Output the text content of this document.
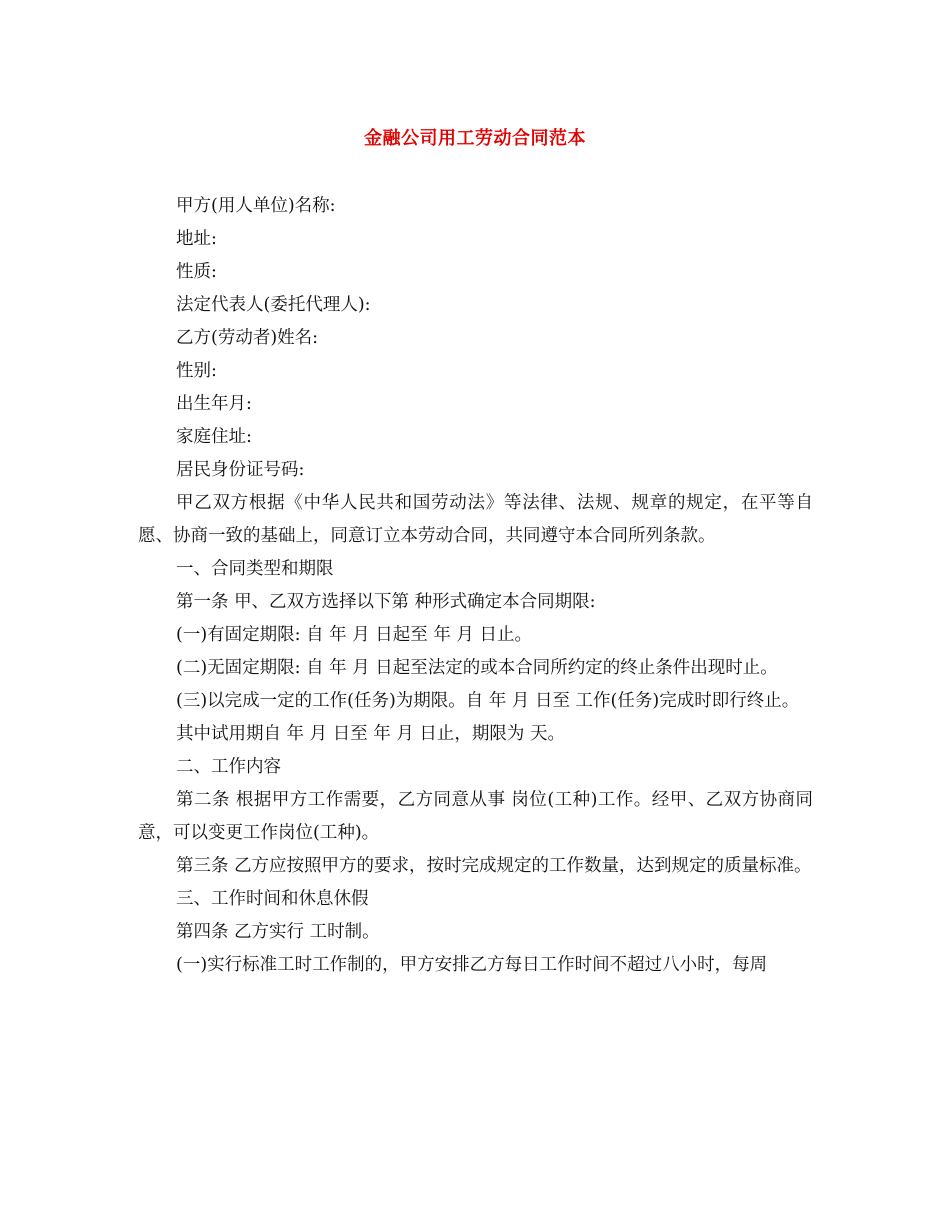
金融公司用工劳动合同范本

甲方(用人单位)名称:

地址:

性质:

法定代表人(委托代理人):

乙方(劳动者)姓名:

性别:

出生年月:

家庭住址:

居民身份证号码:

甲乙双方根据《中华人民共和国劳动法》等法律、法规、规章的规定，在平等自愿、协商一致的基础上，同意订立本劳动合同，共同遵守本合同所列条款。

一、合同类型和期限

第一条 甲、乙双方选择以下第 种形式确定本合同期限:

(一)有固定期限: 自 年 月 日起至 年 月 日止。

(二)无固定期限: 自 年 月 日起至法定的或本合同所约定的终止条件出现时止。

(三)以完成一定的工作(任务)为期限。自 年 月 日至 工作(任务)完成时即行终止。

其中试用期自 年 月 日至 年 月 日止，期限为 天。

二、工作内容

第二条 根据甲方工作需要，乙方同意从事 岗位(工种)工作。经甲、乙双方协商同意，可以变更工作岗位(工种)。

第三条 乙方应按照甲方的要求，按时完成规定的工作数量，达到规定的质量标准。

三、工作时间和休息休假

第四条 乙方实行 工时制。

(一)实行标准工时工作制的，甲方安排乙方每日工作时间不超过八小时，每周
